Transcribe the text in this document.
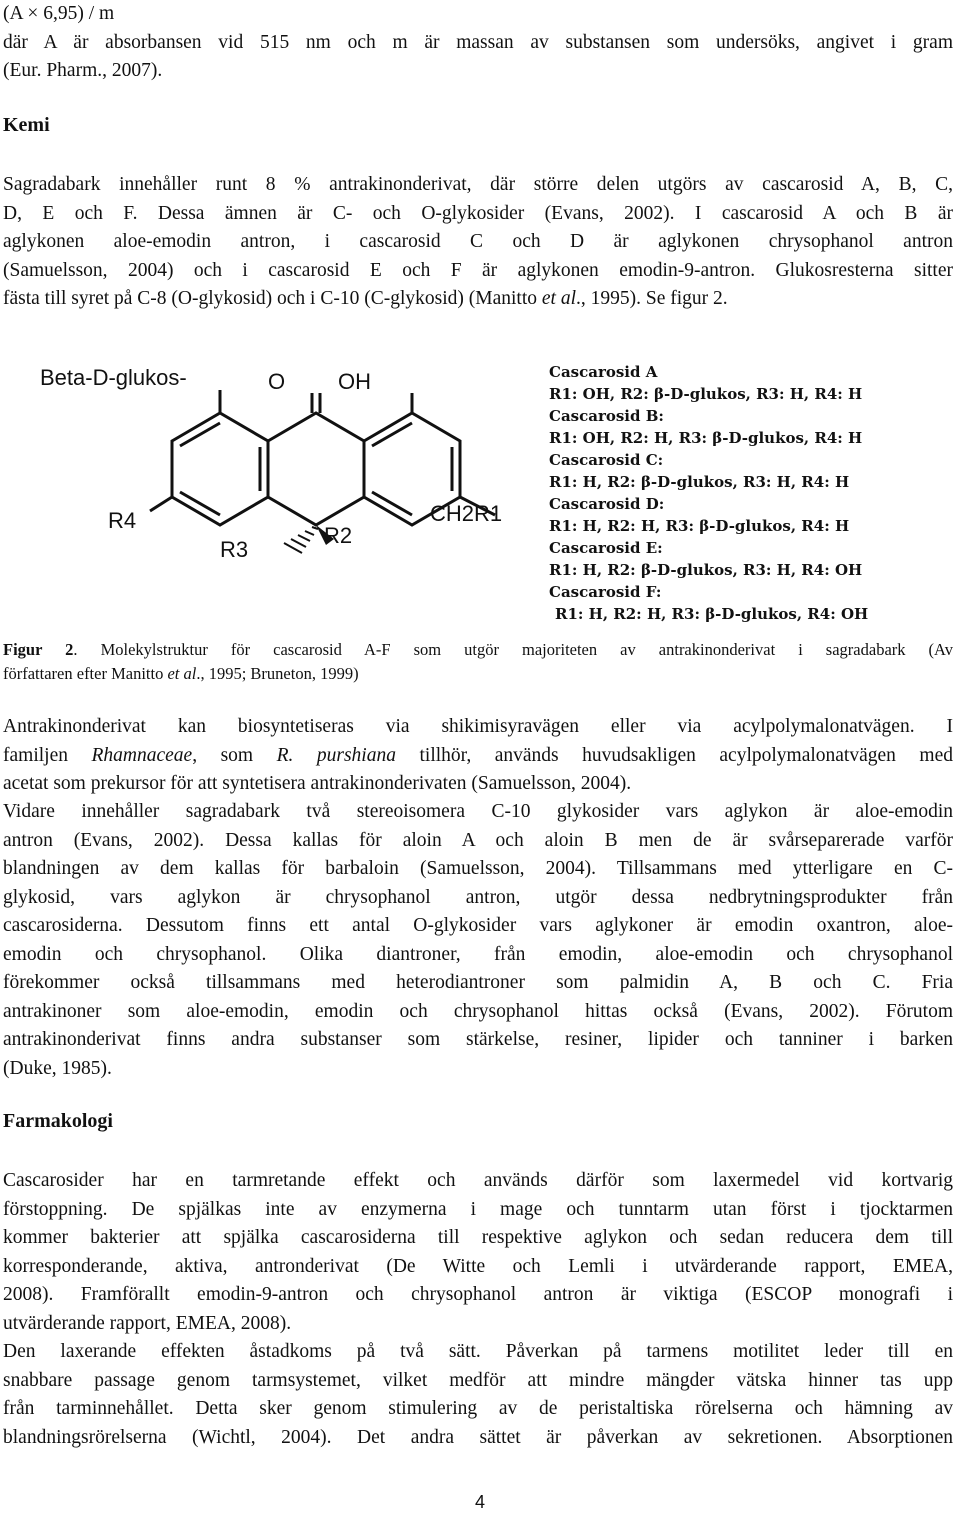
(A × 6,95) / m
där A är absorbansen vid 515 nm och m är massan av substansen som undersöks, angivet i gram
(Eur. Pharm., 2007).
Kemi
Sagradabark innehåller runt 8 % antrakinonderivat, där större delen utgörs av cascarosid A, B, C,
D, E och F. Dessa ämnen är C- och O-glykosider (Evans, 2002). I cascarosid A och B är
aglykonen aloe-emodin antron, i cascarosid C och D är aglykonen chrysophanol antron
(Samuelsson, 2004) och i cascarosid E och F är aglykonen emodin-9-antron. Glukosresterna sitter
fästa till syret på C-8 (O-glykosid) och i C-10 (C-glykosid) (Manitto et al., 1995). Se figur 2.
Beta-D-glukos-	O OH
CH2R1
R4
R3
R2
Cascarosid A
R1: OH, R2: β-D-glukos, R3: H, R4: H
Cascarosid B:
R1: OH, R2: H, R3: β-D-glukos, R4: H
Cascarosid C:
R1: H, R2: β-D-glukos, R3: H, R4: H
Cascarosid D:
R1: H, R2: H, R3: β-D-glukos, R4: H
Cascarosid E:
R1: H, R2: β-D-glukos, R3: H, R4: OH
Cascarosid F:
R1: H, R2: H, R3: β-D-glukos, R4: OH
Figur 2. Molekylstruktur för cascarosid A-F som utgör majoriteten av antrakinonderivat i sagradabark (Av
författaren efter Manitto et al., 1995; Bruneton, 1999)
Antrakinonderivat kan biosyntetiseras via shikimisyravägen eller via acylpolymalonatvägen. I
familjen Rhamnaceae, som R. purshiana tillhör, används huvudsakligen acylpolymalonatvägen med
acetat som prekursor för att syntetisera antrakinonderivaten (Samuelsson, 2004).
Vidare innehåller sagradabark två stereoisomera C-10 glykosider vars aglykon är aloe-emodin
antron (Evans, 2002). Dessa kallas för aloin A och aloin B men de är svårseparerade varför
blandningen av dem kallas för barbaloin (Samuelsson, 2004). Tillsammans med ytterligare en C-
glykosid, vars aglykon är chrysophanol antron, utgör dessa nedbrytningsprodukter från
cascarosiderna. Dessutom finns ett antal O-glykosider vars aglykoner är emodin oxantron, aloe-
emodin och chrysophanol. Olika diantroner, från emodin, aloe-emodin och chrysophanol
förekommer också tillsammans med heterodiantroner som palmidin A, B och C. Fria
antrakinoner som aloe-emodin, emodin och chrysophanol hittas också (Evans, 2002). Förutom
antrakinonderivat finns andra substanser som stärkelse, resiner, lipider och tanniner i barken
(Duke, 1985).
Farmakologi
Cascarosider har en tarmretande effekt och används därför som laxermedel vid kortvarig
förstoppning. De spjälkas inte av enzymerna i mage och tunntarm utan först i tjocktarmen
kommer bakterier att spjälka cascarosiderna till respektive aglykon och sedan reducera dem till
korresponderande, aktiva, antronderivat (De Witte och Lemli i utvärderande rapport, EMEA,
2008). Framförallt emodin-9-antron och chrysophanol antron är viktiga (ESCOP monografi i
utvärderande rapport, EMEA, 2008).
Den laxerande effekten åstadkoms på två sätt. Påverkan på tarmens motilitet leder till en
snabbare passage genom tarmsystemet, vilket medför att mindre mängder vätska hinner tas upp
från tarminnehållet. Detta sker genom stimulering av de peristaltiska rörelserna och hämning av
blandningsrörelserna (Wichtl, 2004). Det andra sättet är påverkan av sekretionen. Absorptionen
4
